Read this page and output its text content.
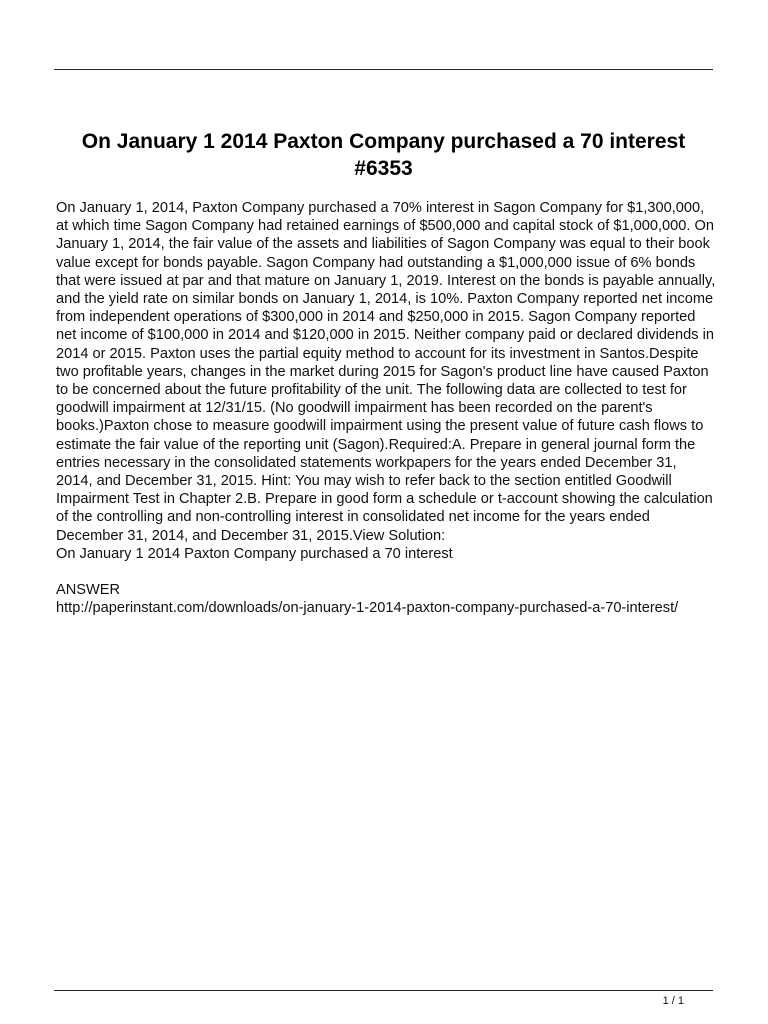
On January 1 2014 Paxton Company purchased a 70 interest #6353

On January 1, 2014, Paxton Company purchased a 70% interest in Sagon Company for $1,300,000, at which time Sagon Company had retained earnings of $500,000 and capital stock of $1,000,000. On January 1, 2014, the fair value of the assets and liabilities of Sagon Company was equal to their book value except for bonds payable. Sagon Company had outstanding a $1,000,000 issue of 6% bonds that were issued at par and that mature on January 1, 2019. Interest on the bonds is payable annually, and the yield rate on similar bonds on January 1, 2014, is 10%. Paxton Company reported net income from independent operations of $300,000 in 2014 and $250,000 in 2015. Sagon Company reported net income of $100,000 in 2014 and $120,000 in 2015. Neither company paid or declared dividends in 2014 or 2015. Paxton uses the partial equity method to account for its investment in Santos.Despite two profitable years, changes in the market during 2015 for Sagon's product line have caused Paxton to be concerned about the future profitability of the unit. The following data are collected to test for goodwill impairment at 12/31/15. (No goodwill impairment has been recorded on the parent's books.)Paxton chose to measure goodwill impairment using the present value of future cash flows to estimate the fair value of the reporting unit (Sagon).Required:A. Prepare in general journal form the entries necessary in the consolidated statements workpapers for the years ended December 31, 2014, and December 31, 2015. Hint: You may wish to refer back to the section entitled Goodwill Impairment Test in Chapter 2.B. Prepare in good form a schedule or t-account showing the calculation of the controlling and non-controlling interest in consolidated net income for the years ended December 31, 2014, and December 31, 2015.View Solution:

On January 1 2014 Paxton Company purchased a 70 interest

ANSWER

http://paperinstant.com/downloads/on-january-1-2014-paxton-company-purchased-a-70-interest/

1 / 1
